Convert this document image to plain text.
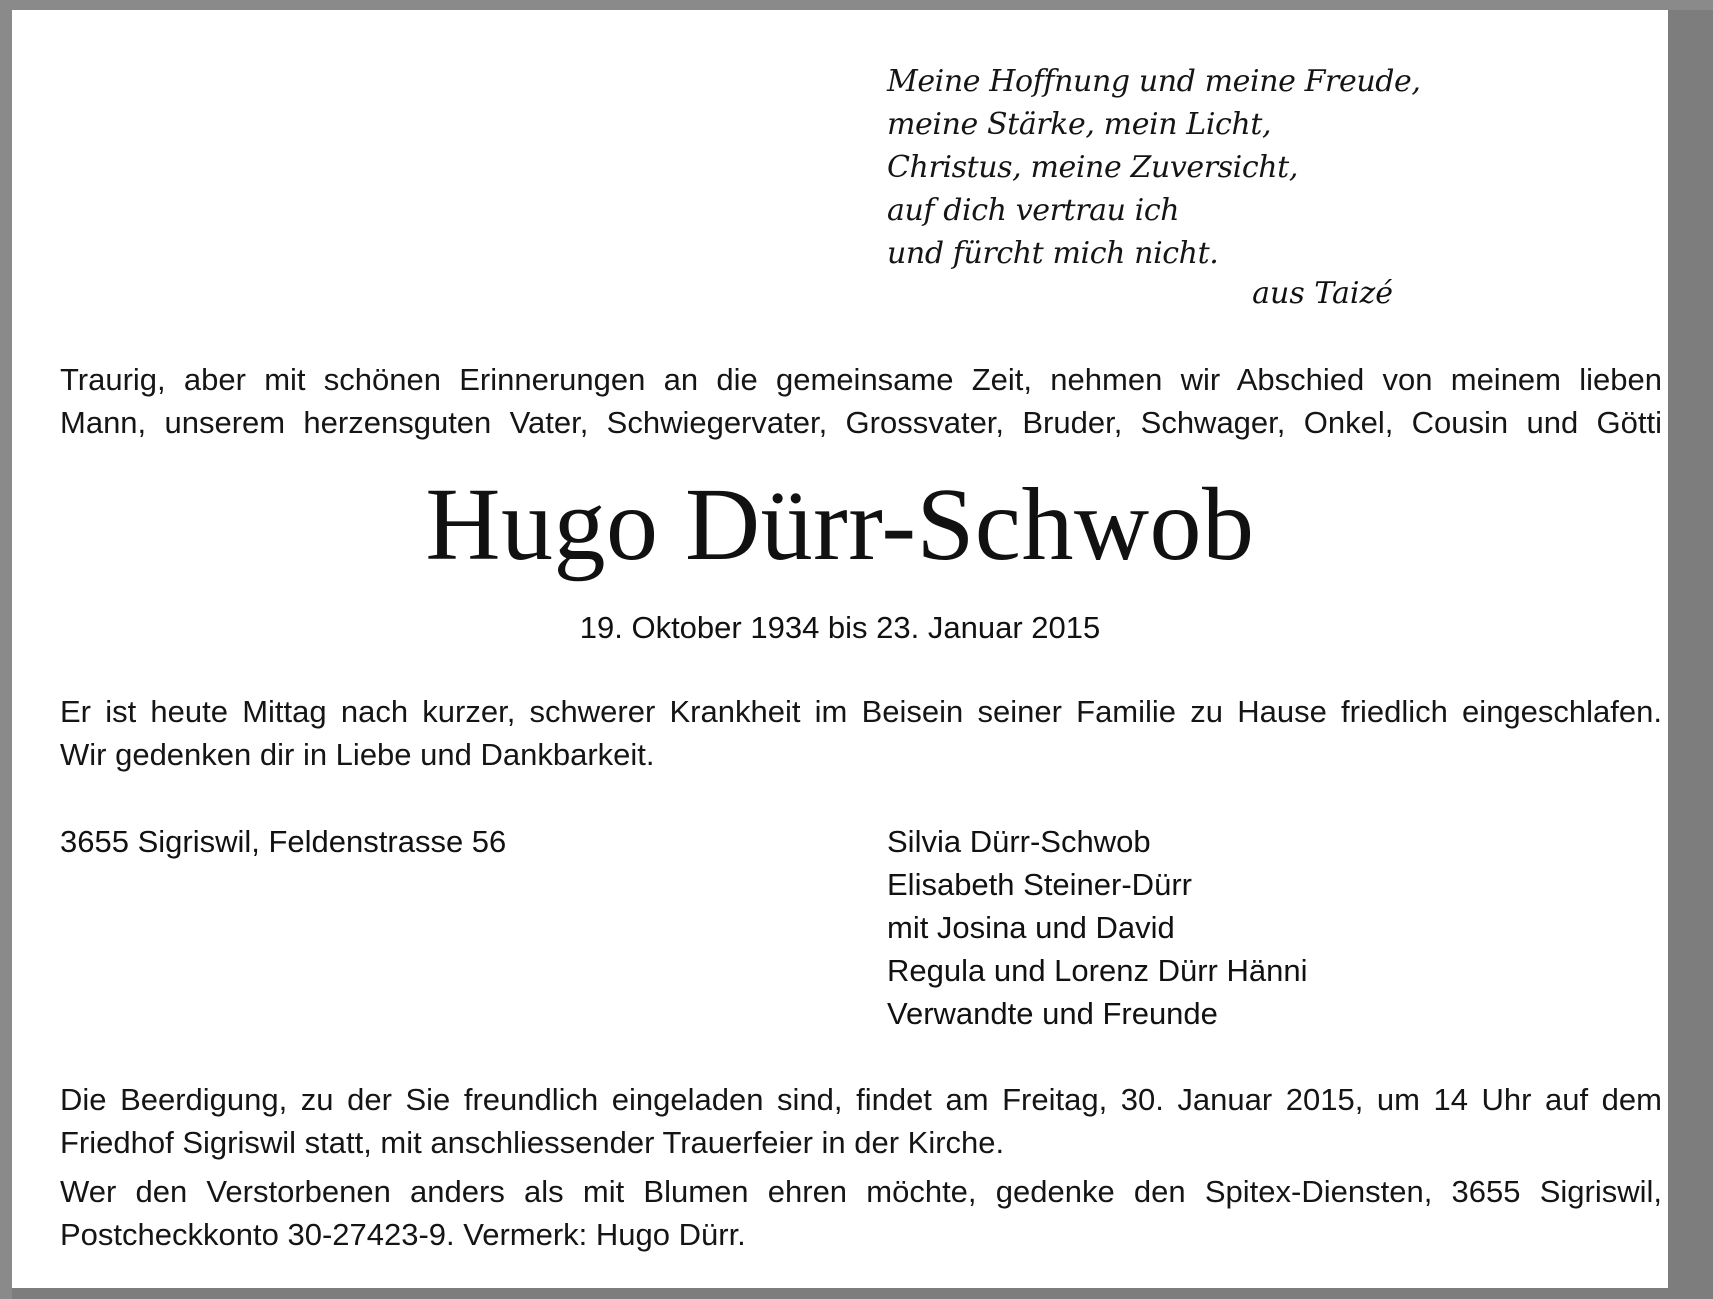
Meine Hoffnung und meine Freude,
meine Stärke, mein Licht,
Christus, meine Zuversicht,
auf dich vertrau ich
und fürcht mich nicht.
aus Taizé
Traurig, aber mit schönen Erinnerungen an die gemeinsame Zeit, nehmen wir Abschied von meinem lieben
Mann, unserem herzensguten Vater, Schwiegervater, Grossvater, Bruder, Schwager, Onkel, Cousin und Götti
Hugo Dürr-Schwob
19. Oktober 1934 bis 23. Januar 2015
Er ist heute Mittag nach kurzer, schwerer Krankheit im Beisein seiner Familie zu Hause friedlich eingeschlafen.
Wir gedenken dir in Liebe und Dankbarkeit.
3655 Sigriswil, Feldenstrasse 56	Silvia Dürr-Schwob
Elisabeth Steiner-Dürr
mit Josina und David
Regula und Lorenz Dürr Hänni
Verwandte und Freunde
Die Beerdigung, zu der Sie freundlich eingeladen sind, findet am Freitag, 30. Januar 2015, um 14 Uhr auf dem
Friedhof Sigriswil statt, mit anschliessender Trauerfeier in der Kirche.
Wer den Verstorbenen anders als mit Blumen ehren möchte, gedenke den Spitex-Diensten, 3655 Sigriswil,
Postcheckkonto 30-27423-9. Vermerk: Hugo Dürr.
